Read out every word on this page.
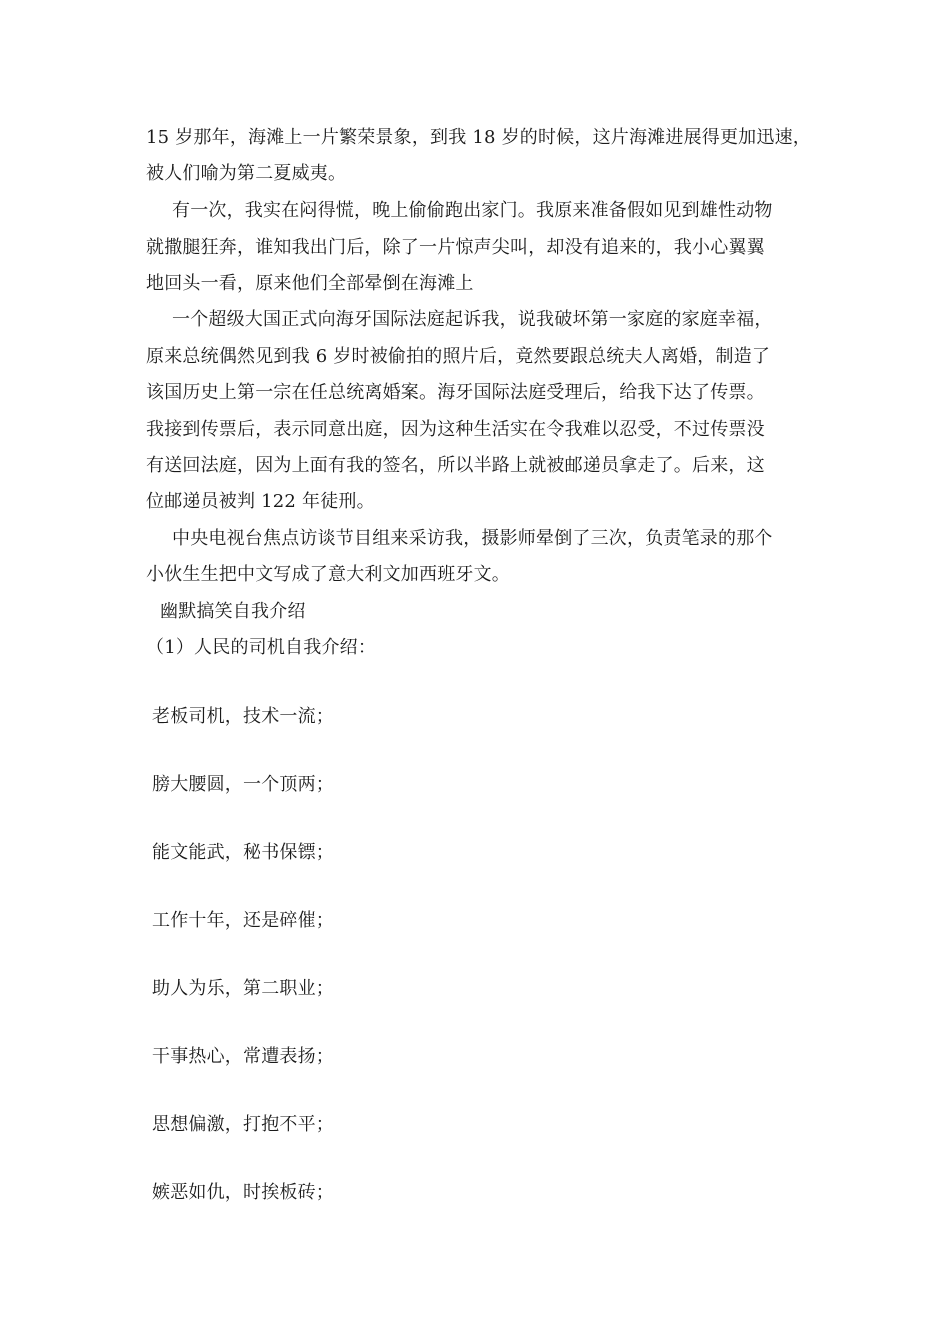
15 岁那年，海滩上一片繁荣景象，到我 18 岁的时候，这片海滩进展得更加迅速，
被人们喻为第二夏威夷。
有一次，我实在闷得慌，晚上偷偷跑出家门。我原来准备假如见到雄性动物
就撒腿狂奔，谁知我出门后，除了一片惊声尖叫，却没有追来的，我小心翼翼
地回头一看，原来他们全部晕倒在海滩上
一个超级大国正式向海牙国际法庭起诉我，说我破坏第一家庭的家庭幸福，
原来总统偶然见到我 6 岁时被偷拍的照片后，竟然要跟总统夫人离婚，制造了
该国历史上第一宗在任总统离婚案。海牙国际法庭受理后，给我下达了传票。
我接到传票后，表示同意出庭，因为这种生活实在令我难以忍受，不过传票没
有送回法庭，因为上面有我的签名，所以半路上就被邮递员拿走了。后来，这
位邮递员被判 122 年徒刑。
中央电视台焦点访谈节目组来采访我，摄影师晕倒了三次，负责笔录的那个
小伙生生把中文写成了意大利文加西班牙文。
幽默搞笑自我介绍
（1）人民的司机自我介绍：
老板司机，技术一流；
膀大腰圆，一个顶两；
能文能武，秘书保镖；
工作十年，还是碎催；
助人为乐，第二职业；
干事热心，常遭表扬；
思想偏激，打抱不平；
嫉恶如仇，时挨板砖；
